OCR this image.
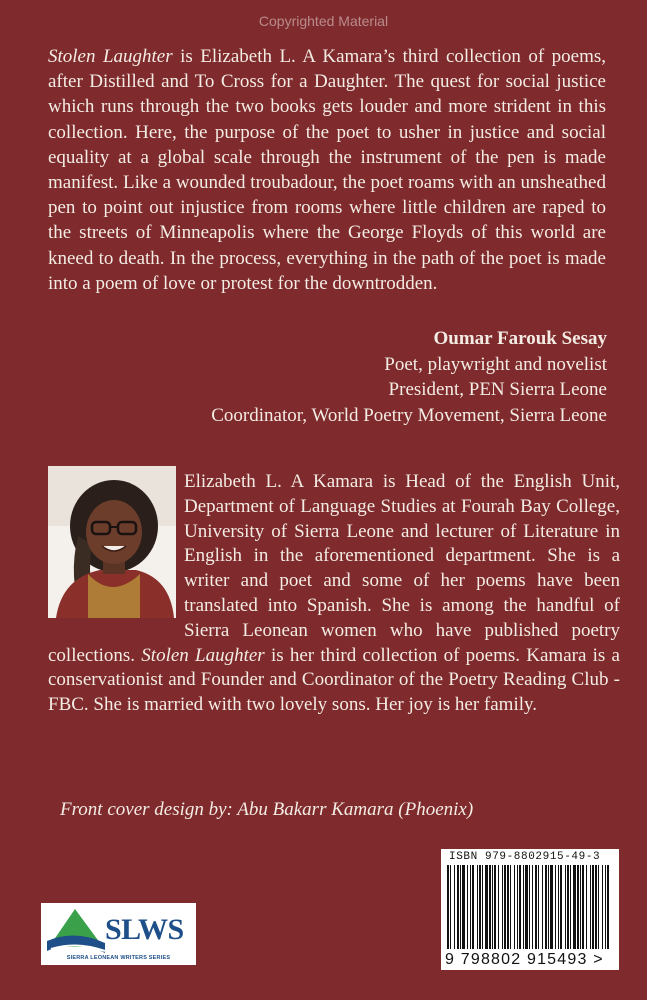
Copyrighted Material

Stolen Laughter is Elizabeth L. A Kamara’s third collection of poems, after Distilled and To Cross for a Daughter. The quest for social justice which runs through the two books gets louder and more strident in this collection. Here, the purpose of the poet to usher in justice and social equality at a global scale through the instrument of the pen is made manifest. Like a wounded troubadour, the poet roams with an unsheathed pen to point out injustice from rooms where little children are raped to the streets of Minneapolis where the George Floyds of this world are kneed to death. In the process, everything in the path of the poet is made into a poem of love or protest for the downtrodden.

Oumar Farouk Sesay
Poet, playwright and novelist
President, PEN Sierra Leone
Coordinator, World Poetry Movement, Sierra Leone

Elizabeth L. A Kamara is Head of the English Unit, Department of Language Studies at Fourah Bay College, University of Sierra Leone and lecturer of Literature in English in the aforementioned department. She is a writer and poet and some of her poems have been translated into Spanish. She is among the handful of Sierra Leonean women who have published poetry collections. Stolen Laughter is her third collection of poems. Kamara is a conservationist and Founder and Coordinator of the Poetry Reading Club - FBC. She is married with two lovely sons. Her joy is her family.

Front cover design by: Abu Bakarr Kamara (Phoenix)
SLWS
SIERRA LEONEAN WRITERS SERIES
ISBN 979-8802915-49-3
9 798802 915493 >
